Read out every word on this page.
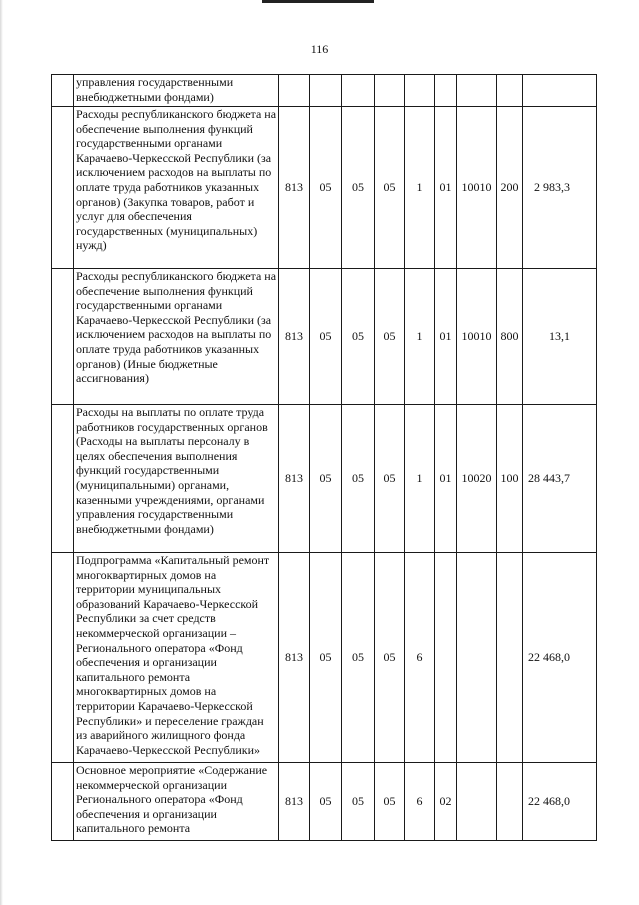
116
	управления государственными внебюджетными фондами)									
	Расходы республиканского бюджета на обеспечение выполнения функций государственными органами Карачаево-Черкесской Республики (за исключением расходов на выплаты по оплате труда работников указанных органов) (Закупка товаров, работ и услуг для обеспечения государственных (муниципальных) нужд)	813	05	05	05	1	01	10010	200	2 983,3
	Расходы республиканского бюджета на обеспечение выполнения функций государственными органами Карачаево-Черкесской Республики (за исключением расходов на выплаты по оплате труда работников указанных органов) (Иные бюджетные ассигнования)	813	05	05	05	1	01	10010	800	13,1
	Расходы на выплаты по оплате труда работников государственных органов (Расходы на выплаты персоналу в целях обеспечения выполнения функций государственными (муниципальными) органами, казенными учреждениями, органами управления государственными внебюджетными фондами)	813	05	05	05	1	01	10020	100	28 443,7
	Подпрограмма «Капитальный ремонт многоквартирных домов на территории муниципальных образований Карачаево-Черкесской Республики за счет средств некоммерческой организации – Регионального оператора «Фонд обеспечения и организации капитального ремонта многоквартирных домов на территории Карачаево-Черкесской Республики» и переселение граждан из аварийного жилищного фонда Карачаево-Черкесской Республики»	813	05	05	05	6				22 468,0
	Основное мероприятие «Содержание некоммерческой организации Регионального оператора «Фонд обеспечения и организации капитального ремонта	813	05	05	05	6	02			22 468,0
